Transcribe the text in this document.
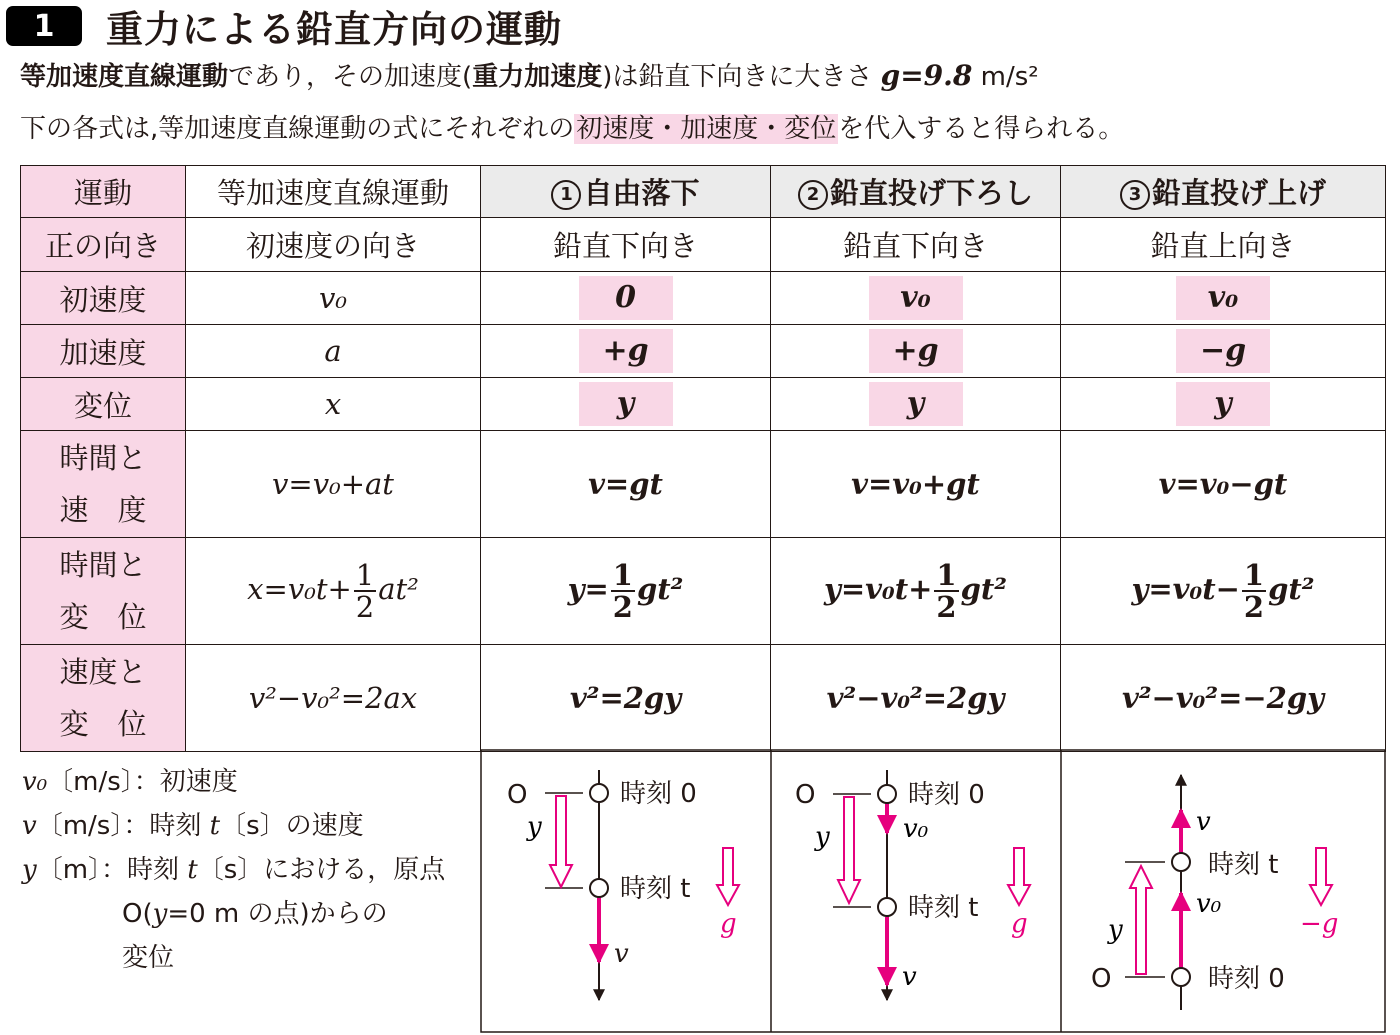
1	重力による鉛直方向の運動
等加速度直線運動であり，その加速度(重力加速度)は鉛直下向きに大きさ g=9.8 m/s²
下の各式は,等加速度直線運動の式にそれぞれの初速度・加速度・変位を代入すると得られる。
運動	等加速度直線運動	1 自由落下	2 鉛直投げ下ろし	3 鉛直投げ上げ
正の向き	初速度の向き	鉛直下向き	鉛直下向き	鉛直上向き
初速度	v₀	0	v₀	v₀
加速度	a	+g	+g	−g
変位	x	y	y	y
時間と
速　度	v=v₀+at	v=gt	v=v₀+gt	v=v₀−gt
時間と
変　位	$x=v_0t+ \frac{1}{2} at^2$	$y= \frac{1}{2} gt^2$	$y=v_0t+ \frac{1}{2} gt^2$	$y=v_0t- \frac{1}{2} gt^2$
速度と
変　位	v²−v₀²=2ax	v²=2gy	v²−v₀²=2gy	v²−v₀²=−2gy
v₀〔m/s〕：初速度
v〔m/s〕：時刻 t〔s〕の速度
y〔m〕：時刻 t〔s〕における，原点
O(y=0 m の点)からの
変位
O
y
時刻 0
時刻 t
v
g
O
y
時刻 0
v₀
時刻 t
v
g
O
y
v
時刻 t
v₀
時刻 0
−g
